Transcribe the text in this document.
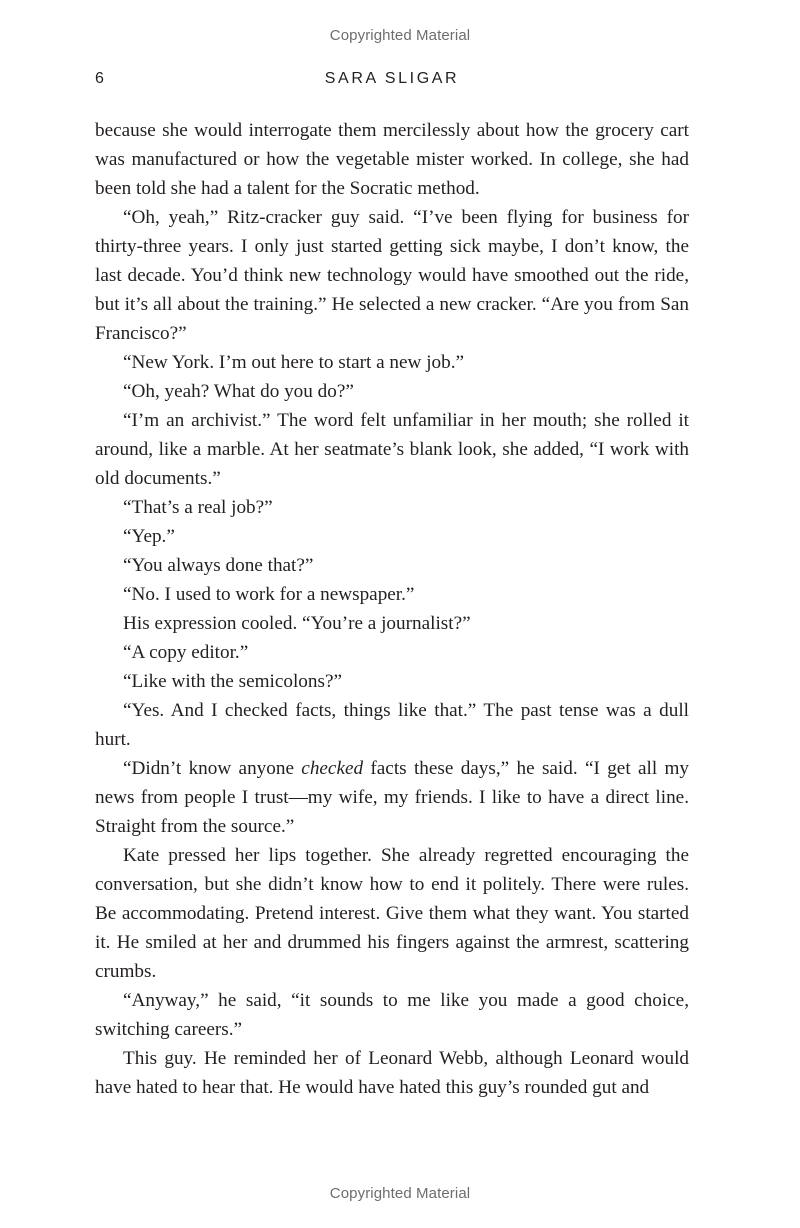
Copyrighted Material
6	SARA SLIGAR

because she would interrogate them mercilessly about how the grocery cart was manufactured or how the vegetable mister worked. In college, she had been told she had a talent for the Socratic method.

“Oh, yeah,” Ritz-cracker guy said. “I’ve been flying for business for thirty-three years. I only just started getting sick maybe, I don’t know, the last decade. You’d think new technology would have smoothed out the ride, but it’s all about the training.” He selected a new cracker. “Are you from San Francisco?”

“New York. I’m out here to start a new job.”

“Oh, yeah? What do you do?”

“I’m an archivist.” The word felt unfamiliar in her mouth; she rolled it around, like a marble. At her seatmate’s blank look, she added, “I work with old documents.”

“That’s a real job?”

“Yep.”

“You always done that?”

“No. I used to work for a newspaper.”

His expression cooled. “You’re a journalist?”

“A copy editor.”

“Like with the semicolons?”

“Yes. And I checked facts, things like that.” The past tense was a dull hurt.

“Didn’t know anyone checked facts these days,” he said. “I get all my news from people I trust—my wife, my friends. I like to have a direct line. Straight from the source.”

Kate pressed her lips together. She already regretted encouraging the conversation, but she didn’t know how to end it politely. There were rules. Be accommodating. Pretend interest. Give them what they want. You started it. He smiled at her and drummed his fingers against the armrest, scattering crumbs.

“Anyway,” he said, “it sounds to me like you made a good choice, switching careers.”

This guy. He reminded her of Leonard Webb, although Leonard would have hated to hear that. He would have hated this guy’s rounded gut and

Copyrighted Material
